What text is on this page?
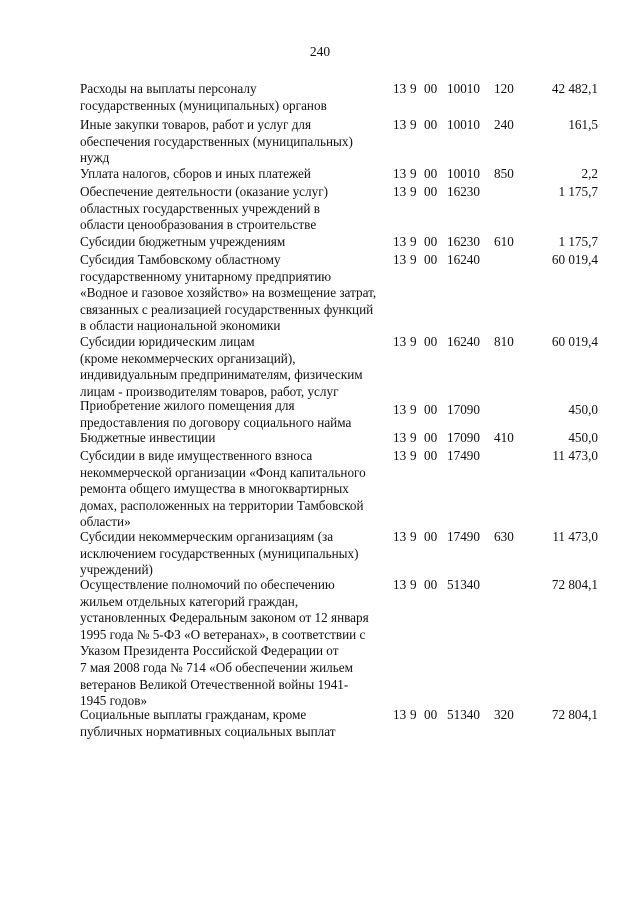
240
Расходы на выплаты персоналу
государственных (муниципальных) органов
13 9 00 10010 120	42 482,1
Иные закупки товаров, работ и услуг для
обеспечения государственных (муниципальных)
нужд
13 9 00 10010 240	161,5
Уплата налогов, сборов и иных платежей	13 9 00 10010 850	2,2
Обеспечение деятельности (оказание услуг)
областных государственных учреждений в
области ценообразования в строительстве
13 9 00 16230	1 175,7
Субсидии бюджетным учреждениям	13 9 00 16230 610	1 175,7
Субсидия Тамбовскому областному
государственному унитарному предприятию
«Водное и газовое хозяйство» на возмещение затрат,
связанных с реализацией государственных функций
в области национальной экономики
13 9 00 16240	60 019,4
Субсидии юридическим лицам
(кроме некоммерческих организаций),
индивидуальным предпринимателям, физическим
лицам - производителям товаров, работ, услуг
13 9 00 16240 810	60 019,4
Приобретение жилого помещения для
предоставления по договору социального найма
13 9 00 17090	450,0
Бюджетные инвестиции	13 9 00 17090 410	450,0
Субсидии в виде имущественного взноса
некоммерческой организации «Фонд капитального
ремонта общего имущества в многоквартирных
домах, расположенных на территории Тамбовской
области»
13 9 00 17490	11 473,0
Субсидии некоммерческим организациям (за
исключением государственных (муниципальных)
учреждений)
13 9 00 17490 630	11 473,0
Осуществление полномочий по обеспечению
жильем отдельных категорий граждан,
установленных Федеральным законом от 12 января
1995 года № 5-ФЗ «О ветеранах», в соответствии с
Указом Президента Российской Федерации от
7 мая 2008 года № 714 «Об обеспечении жильем
ветеранов Великой Отечественной войны 1941-
1945 годов»
13 9 00 51340	72 804,1
Социальные выплаты гражданам, кроме
публичных нормативных социальных выплат
13 9 00 51340 320	72 804,1
